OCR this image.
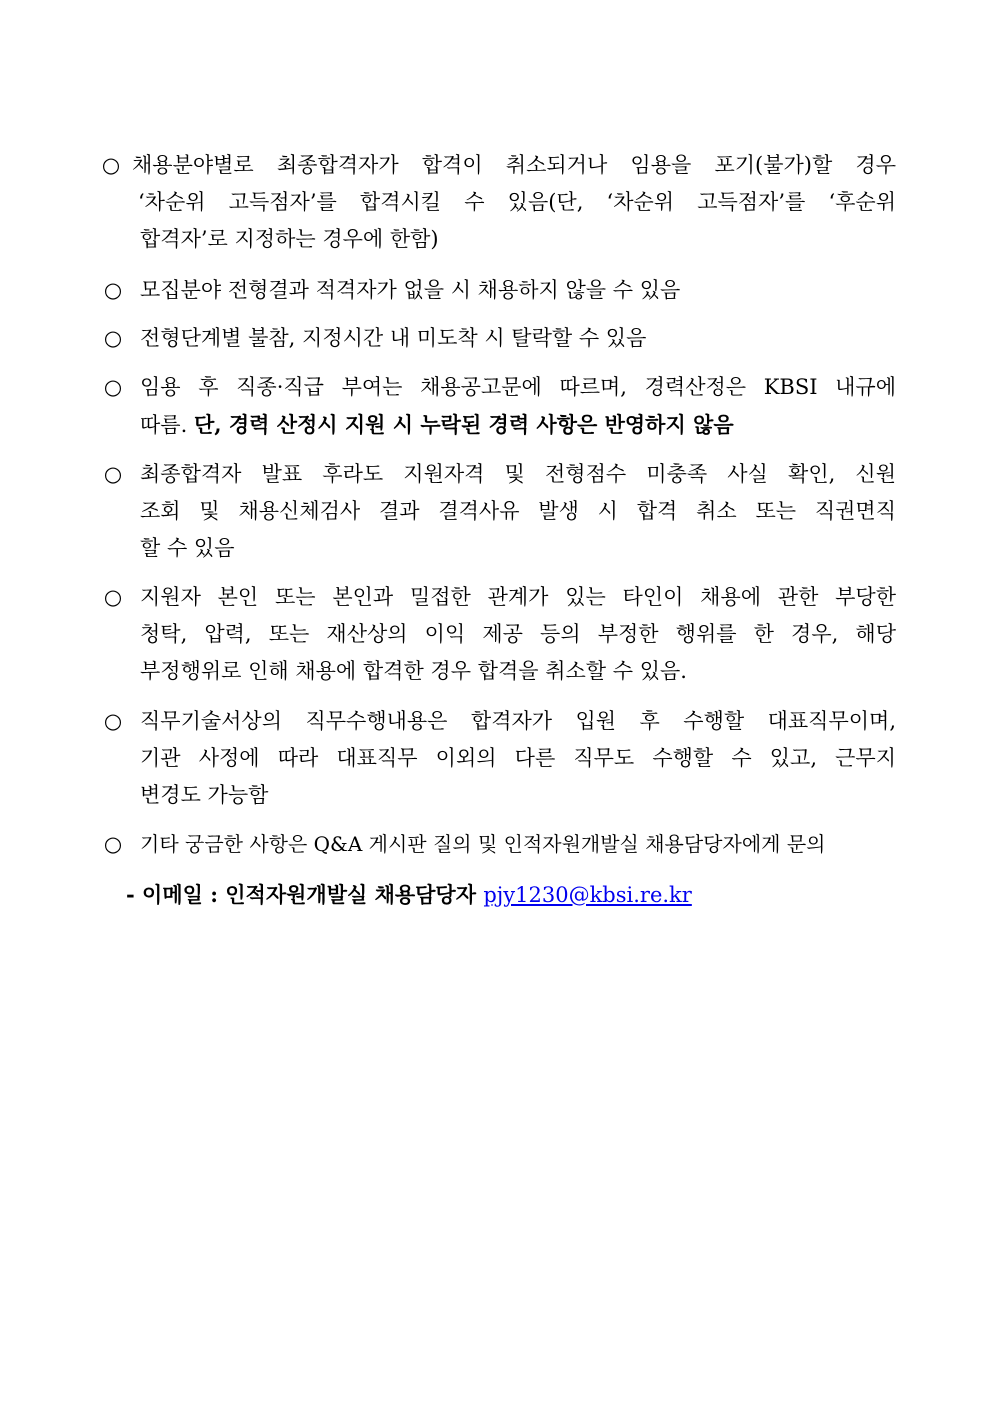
○ 채용분야별로 최종합격자가 합격이 취소되거나 임용을 포기(불가)할 경우
‘차순위 고득점자’를 합격시킬 수 있음(단, ‘차순위 고득점자’를 ‘후순위
합격자’로 지정하는 경우에 한함)
○ 모집분야 전형결과 적격자가 없을 시 채용하지 않을 수 있음
○ 전형단계별 불참, 지정시간 내 미도착 시 탈락할 수 있음
○ 임용 후 직종·직급 부여는 채용공고문에 따르며, 경력산정은 KBSI 내규에
따름. 단, 경력 산정시 지원 시 누락된 경력 사항은 반영하지 않음
○ 최종합격자 발표 후라도 지원자격 및 전형점수 미충족 사실 확인, 신원
조회 및 채용신체검사 결과 결격사유 발생 시 합격 취소 또는 직권면직
할 수 있음
○ 지원자 본인 또는 본인과 밀접한 관계가 있는 타인이 채용에 관한 부당한
청탁, 압력, 또는 재산상의 이익 제공 등의 부정한 행위를 한 경우, 해당
부정행위로 인해 채용에 합격한 경우 합격을 취소할 수 있음.
○ 직무기술서상의 직무수행내용은 합격자가 입원 후 수행할 대표직무이며,
기관 사정에 따라 대표직무 이외의 다른 직무도 수행할 수 있고, 근무지
변경도 가능함
○ 기타 궁금한 사항은 Q&A 게시판 질의 및 인적자원개발실 채용담당자에게 문의
- 이메일 : 인적자원개발실 채용담당자 pjy1230@kbsi.re.kr
